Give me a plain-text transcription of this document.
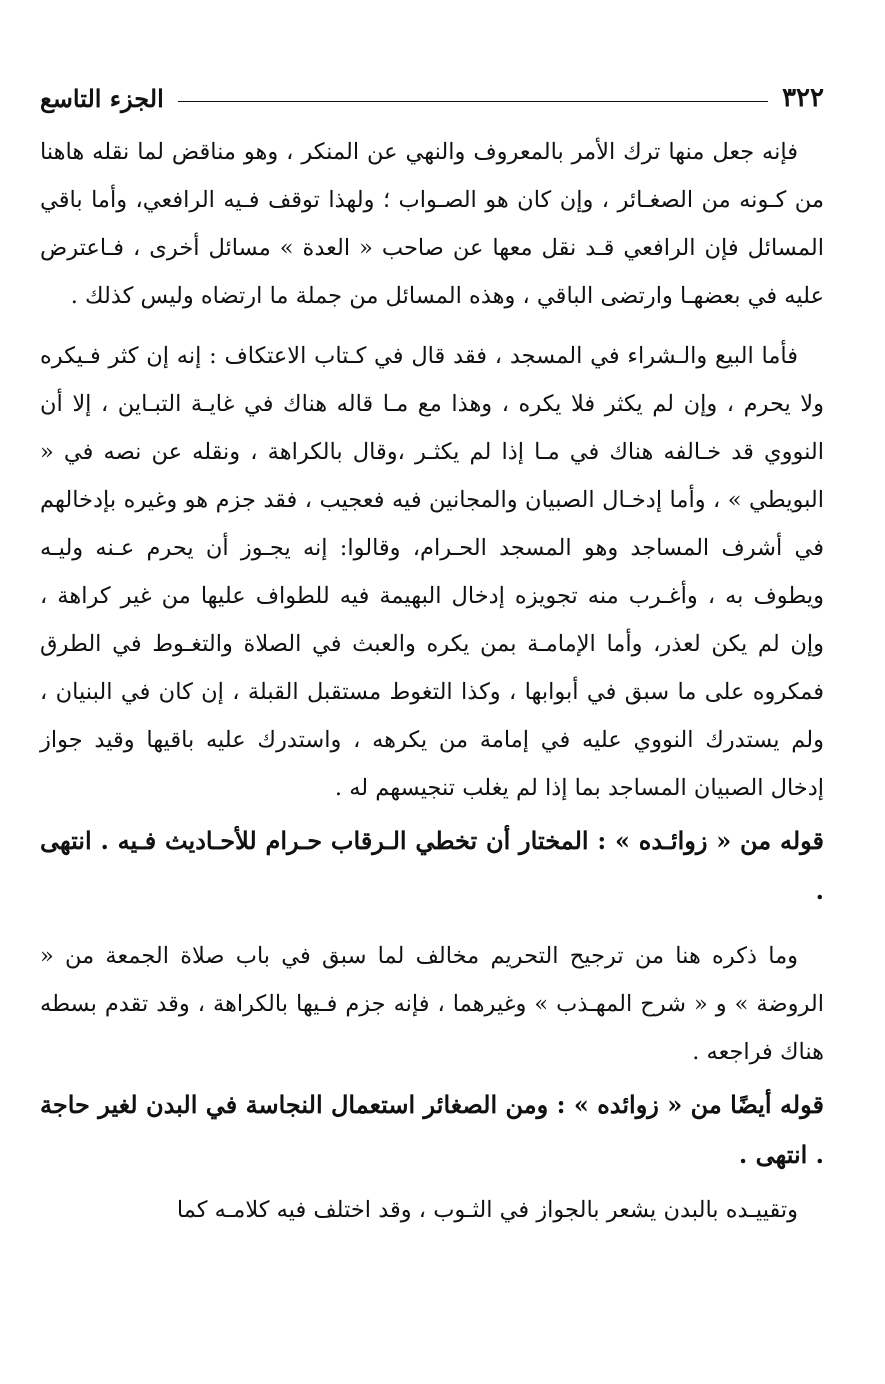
٣٢٢
الجزء التاسع

فإنه جعل منها ترك الأمر بالمعروف والنهي عن المنكر ، وهو مناقض لما نقله هاهنا من كـونه من الصغـائر ، وإن كان هو الصـواب ؛ ولهذا توقف فـيه الرافعي، وأما باقي المسائل فإن الرافعي قـد نقل معها عن صاحب « العدة » مسائل أخرى ، فـاعترض عليه في بعضهـا وارتضى الباقي ، وهذه المسائل من جملة ما ارتضاه وليس كذلك .

فأما البيع والـشراء في المسجد ، فقد قال في كـتاب الاعتكاف : إنه إن كثر فـيكره ولا يحرم ، وإن لم يكثر فلا يكره ، وهذا مع مـا قاله هناك في غايـة التبـاين ، إلا أن النووي قد خـالفه هناك في مـا إذا لم يكثـر ،وقال بالكراهة ، ونقله عن نصه في « البويطي » ، وأما إدخـال الصبيان والمجانين فيه فعجيب ، فقد جزم هو وغيره بإدخالهم في أشرف المساجد وهو المسجد الحـرام، وقالوا: إنه يجـوز أن يحرم عـنه وليـه ويطوف به ، وأغـرب منه تجويزه إدخال البهيمة فيه للطواف عليها من غير كراهة ، وإن لم يكن لعذر، وأما الإمامـة بمن يكره والعبث في الصلاة والتغـوط في الطرق فمكروه على ما سبق في أبوابها ، وكذا التغوط مستقبل القبلة ، إن كان في البنيان ، ولم يستدرك النووي عليه في إمامة من يكرهه ، واستدرك عليه باقيها وقيد جواز إدخال الصبيان المساجد بما إذا لم يغلب تنجيسهم له .

قوله من « زوائـده » : المختار أن تخطي الـرقاب حـرام للأحـاديث فـيه . انتهى .

وما ذكره هنا من ترجيح التحريم مخالف لما سبق في باب صلاة الجمعة من « الروضة » و « شرح المهـذب » وغيرهما ، فإنه جزم فـيها بالكراهة ، وقد تقدم بسطه هناك فراجعه .

قوله أيضًا من « زوائده » : ومن الصغائر استعمال النجاسة في البدن لغير حاجة . انتهى .

وتقييـده بالبدن يشعر بالجواز في الثـوب ، وقد اختلف فيه كلامـه كما
